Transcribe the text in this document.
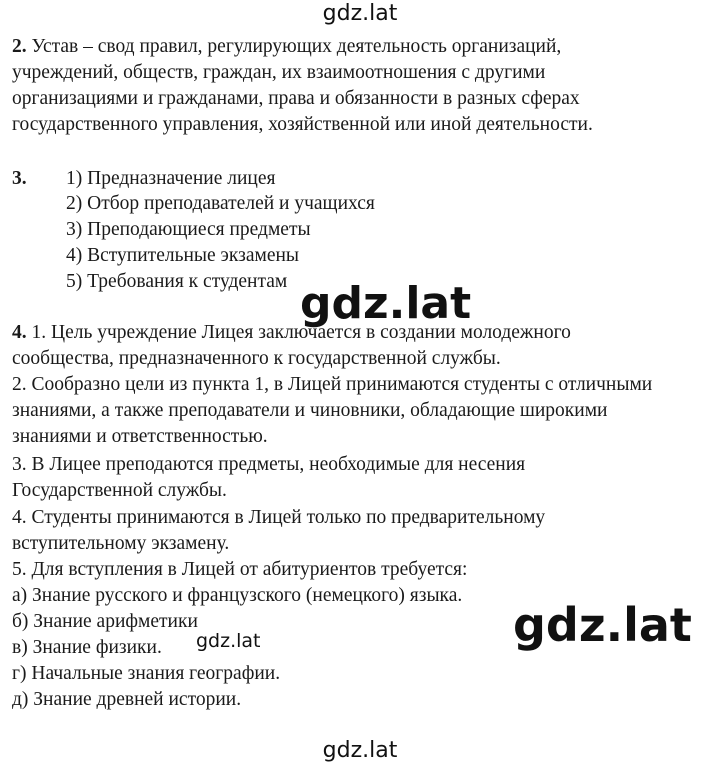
gdz.lat
2. Устав – свод правил, регулирующих деятельность организаций,
учреждений, обществ, граждан, их взаимоотношения с другими
организациями и гражданами, права и обязанности в разных сферах
государственного управления, хозяйственной или иной деятельности.
3. 1) Предназначение лицея
2) Отбор преподавателей и учащихся
3) Преподающиеся предметы
4) Вступительные экзамены
5) Требования к студентам
4. 1. Цель учреждение Лицея заключается в создании молодежного
сообщества, предназначенного к государственной службы.
2. Сообразно цели из пункта 1, в Лицей принимаются студенты с отличными
знаниями, а также преподаватели и чиновники, обладающие широкими
знаниями и ответственностью.
3. В Лицее преподаются предметы, необходимые для несения
Государственной службы.
4. Студенты принимаются в Лицей только по предварительному
вступительному экзамену.
5. Для вступления в Лицей от абитуриентов требуется:
а) Знание русского и французского (немецкого) языка.
б) Знание арифметики
в) Знание физики.
г) Начальные знания географии.
д) Знание древней истории.
gdz.lat
gdz.lat
gdz.lat
gdz.lat
